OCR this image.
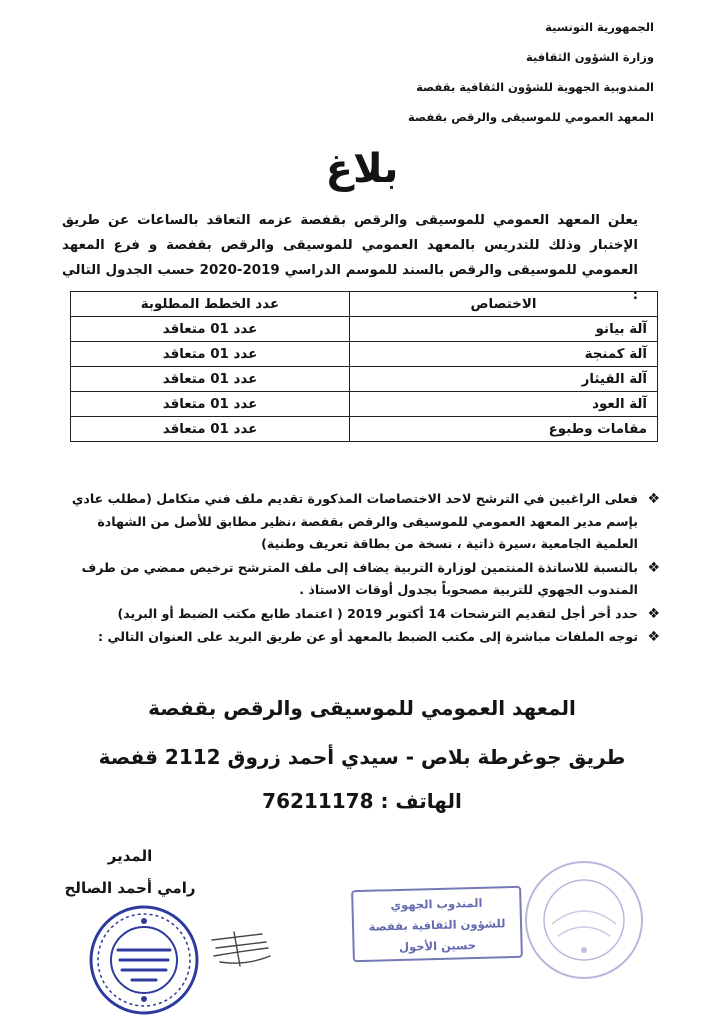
الجمهورية التونسية
وزارة الشؤون الثقافية
المندوبية الجهوية للشؤون الثقافية بقفصة
المعهد العمومي للموسيقى والرقص بقفصة
بلاغ
يعلن المعهد العمومي للموسيقى والرقص بقفصة عزمه التعاقد بالساعات عن طريق الإختبار وذلك للتدريس بالمعهد العمومي للموسيقى والرقص بقفصة و فرع المعهد العمومي للموسيقى والرقص بالسند للموسم الدراسي 2019-2020 حسب الجدول التالي :
الاختصاص	عدد الخطط المطلوبة
آلة بيانو	عدد 01 متعاقد
آلة كمنجة	عدد 01 متعاقد
آلة القيثار	عدد 01 متعاقد
آلة العود	عدد 01 متعاقد
مقامات وطبوع	عدد 01 متعاقد
❖
فعلى الراغبين في الترشح لاحد الاختصاصات المذكورة تقديم ملف فني متكامل (مطلب عادي بإسم مدير المعهد العمومي للموسيقى والرقص بقفصة ،نظير مطابق للأصل من الشهادة العلمية الجامعية ،سيرة ذاتية ، نسخة من بطاقة تعريف وطنية)
❖
بالنسبة للاساتذة المنتمين لوزارة التربية يضاف إلى ملف المترشح ترخيص ممضي من طرف المندوب الجهوي للتربية مصحوباً بجدول أوقات الاستاذ .
❖
حدد أخر أجل لتقديم الترشحات 14 أكتوبر 2019 ( اعتماد طابع مكتب الضبط أو البريد)
❖
توجه الملفات مباشرة إلى مكتب الضبط بالمعهد أو عن طريق البريد على العنوان التالي :
المعهد العمومي للموسيقى والرقص بقفصة
طريق جوغرطة بلاص - سيدي أحمد زروق 2112 قفصة
الهاتف : 76211178
المدير
رامي أحمد الصالح
المندوب الجهوي
للشؤون الثقافية بقفصة
حسين الأحول
